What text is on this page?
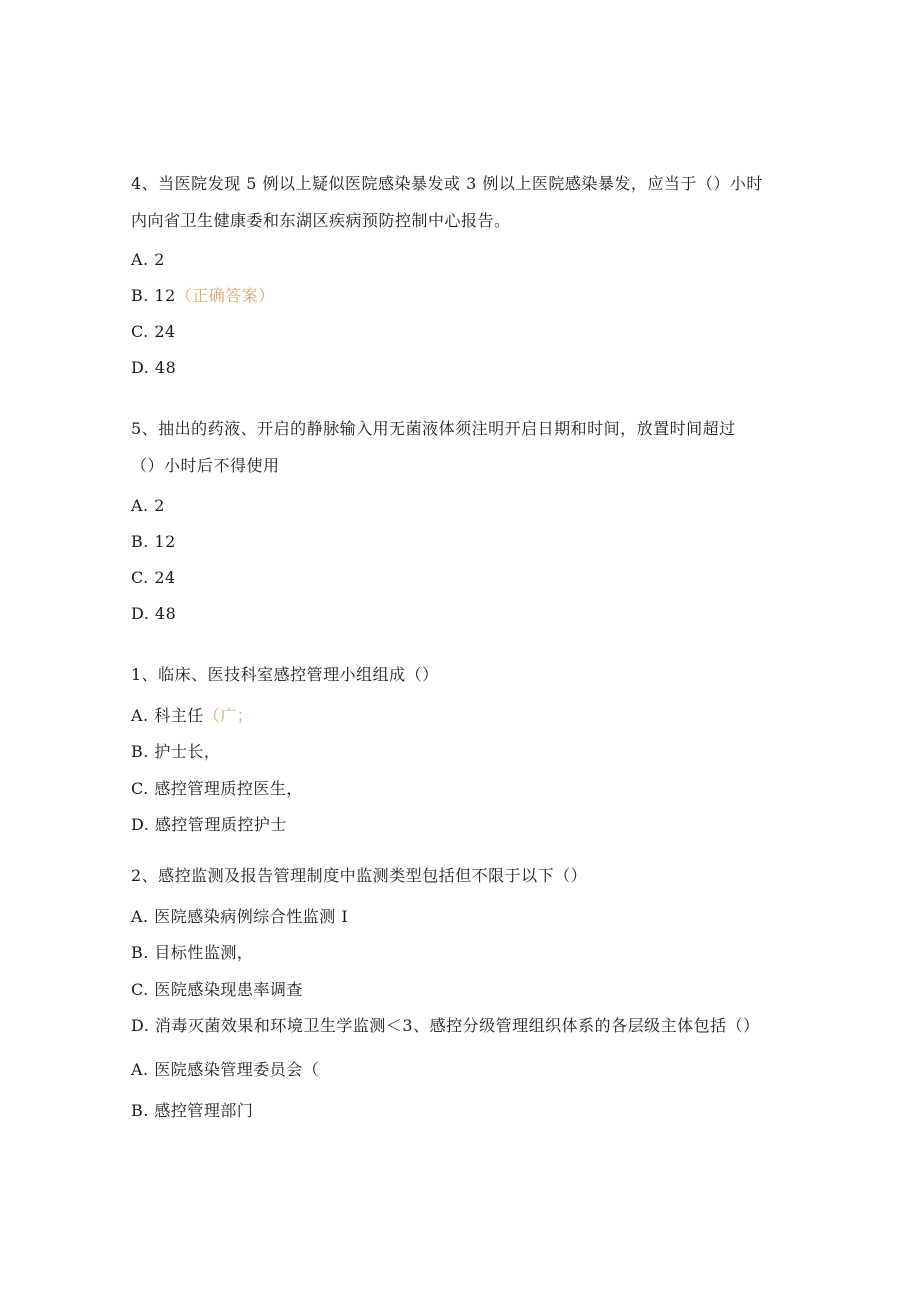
4、当医院发现 5 例以上疑似医院感染暴发或 3 例以上医院感染暴发，应当于（）小时
内向省卫生健康委和东湖区疾病预防控制中心报告。
A. 2
B. 12（正确答案）
C. 24
D. 48
5、抽出的药液、开启的静脉输入用无菌液体须注明开启日期和时间，放置时间超过
（）小时后不得使用
A. 2
B. 12
C. 24
D. 48
1、临床、医技科室感控管理小组组成（）
A. 科主任（广；
B. 护士长，
C. 感控管理质控医生，
D. 感控管理质控护士
2、感控监测及报告管理制度中监测类型包括但不限于以下（）
A. 医院感染病例综合性监测 I
B. 目标性监测，
C. 医院感染现患率调查
D. 消毒灭菌效果和环境卫生学监测＜3、感控分级管理组织体系的各层级主体包括（）
A. 医院感染管理委员会（
B. 感控管理部门
